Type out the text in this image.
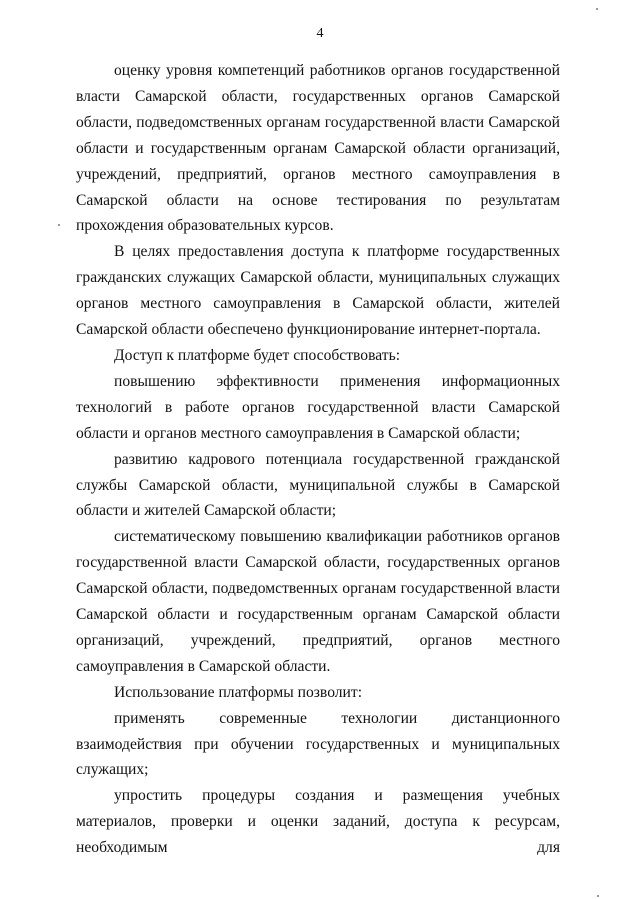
4

оценку уровня компетенций работников органов государственной власти Самарской области, государственных органов Самарской области, подведомственных органам государственной власти Самарской области и государственным органам Самарской области организаций, учреждений, предприятий, органов местного самоуправления в Самарской области на основе тестирования по результатам прохождения образовательных курсов.

В целях предоставления доступа к платформе государственных гражданских служащих Самарской области, муниципальных служащих органов местного самоуправления в Самарской области, жителей Самарской области обеспечено функционирование интернет-портала.

Доступ к платформе будет способствовать:

повышению эффективности применения информационных технологий в работе органов государственной власти Самарской области и органов местного самоуправления в Самарской области;

развитию кадрового потенциала государственной гражданской службы Самарской области, муниципальной службы в Самарской области и жителей Самарской области;

систематическому повышению квалификации работников органов государственной власти Самарской области, государственных органов Самарской области, подведомственных органам государственной власти Самарской области и государственным органам Самарской области организаций, учреждений, предприятий, органов местного самоуправления в Самарской области.

Использование платформы позволит:

применять современные технологии дистанционного взаимодействия при обучении государственных и муниципальных служащих;

упростить процедуры создания и размещения учебных материалов, проверки и оценки заданий, доступа к ресурсам, необходимым для
